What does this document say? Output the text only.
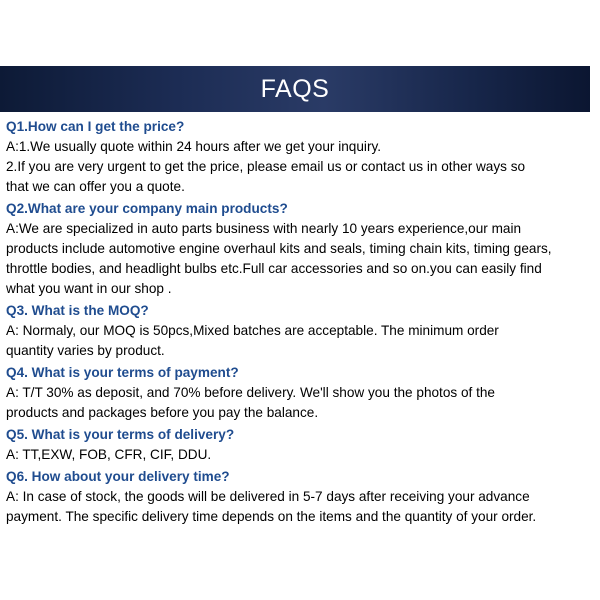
FAQS

Q1.How can I get the price?

A:1.We usually quote within 24 hours after we get your inquiry.

2.If you are very urgent to get the price, please email us or contact us in other ways so

that we can offer you a quote.

Q2.What are your company main products?

A:We are specialized in auto parts business with nearly 10 years experience,our main

products include automotive engine overhaul kits and seals, timing chain kits, timing gears,

throttle bodies, and headlight bulbs etc.Full car accessories and so on.you can easily find

what you want in our shop .

Q3. What is the MOQ?

A: Normaly, our MOQ is 50pcs,Mixed batches are acceptable. The minimum order

quantity varies by product.

Q4. What is your terms of payment?

A: T/T 30% as deposit, and 70% before delivery. We'll show you the photos of the

products and packages before you pay the balance.

Q5. What is your terms of delivery?

A: TT,EXW, FOB, CFR, CIF, DDU.

Q6. How about your delivery time?

A: In case of stock, the goods will be delivered in 5-7 days after receiving your advance

payment. The specific delivery time depends on the items and the quantity of your order.
